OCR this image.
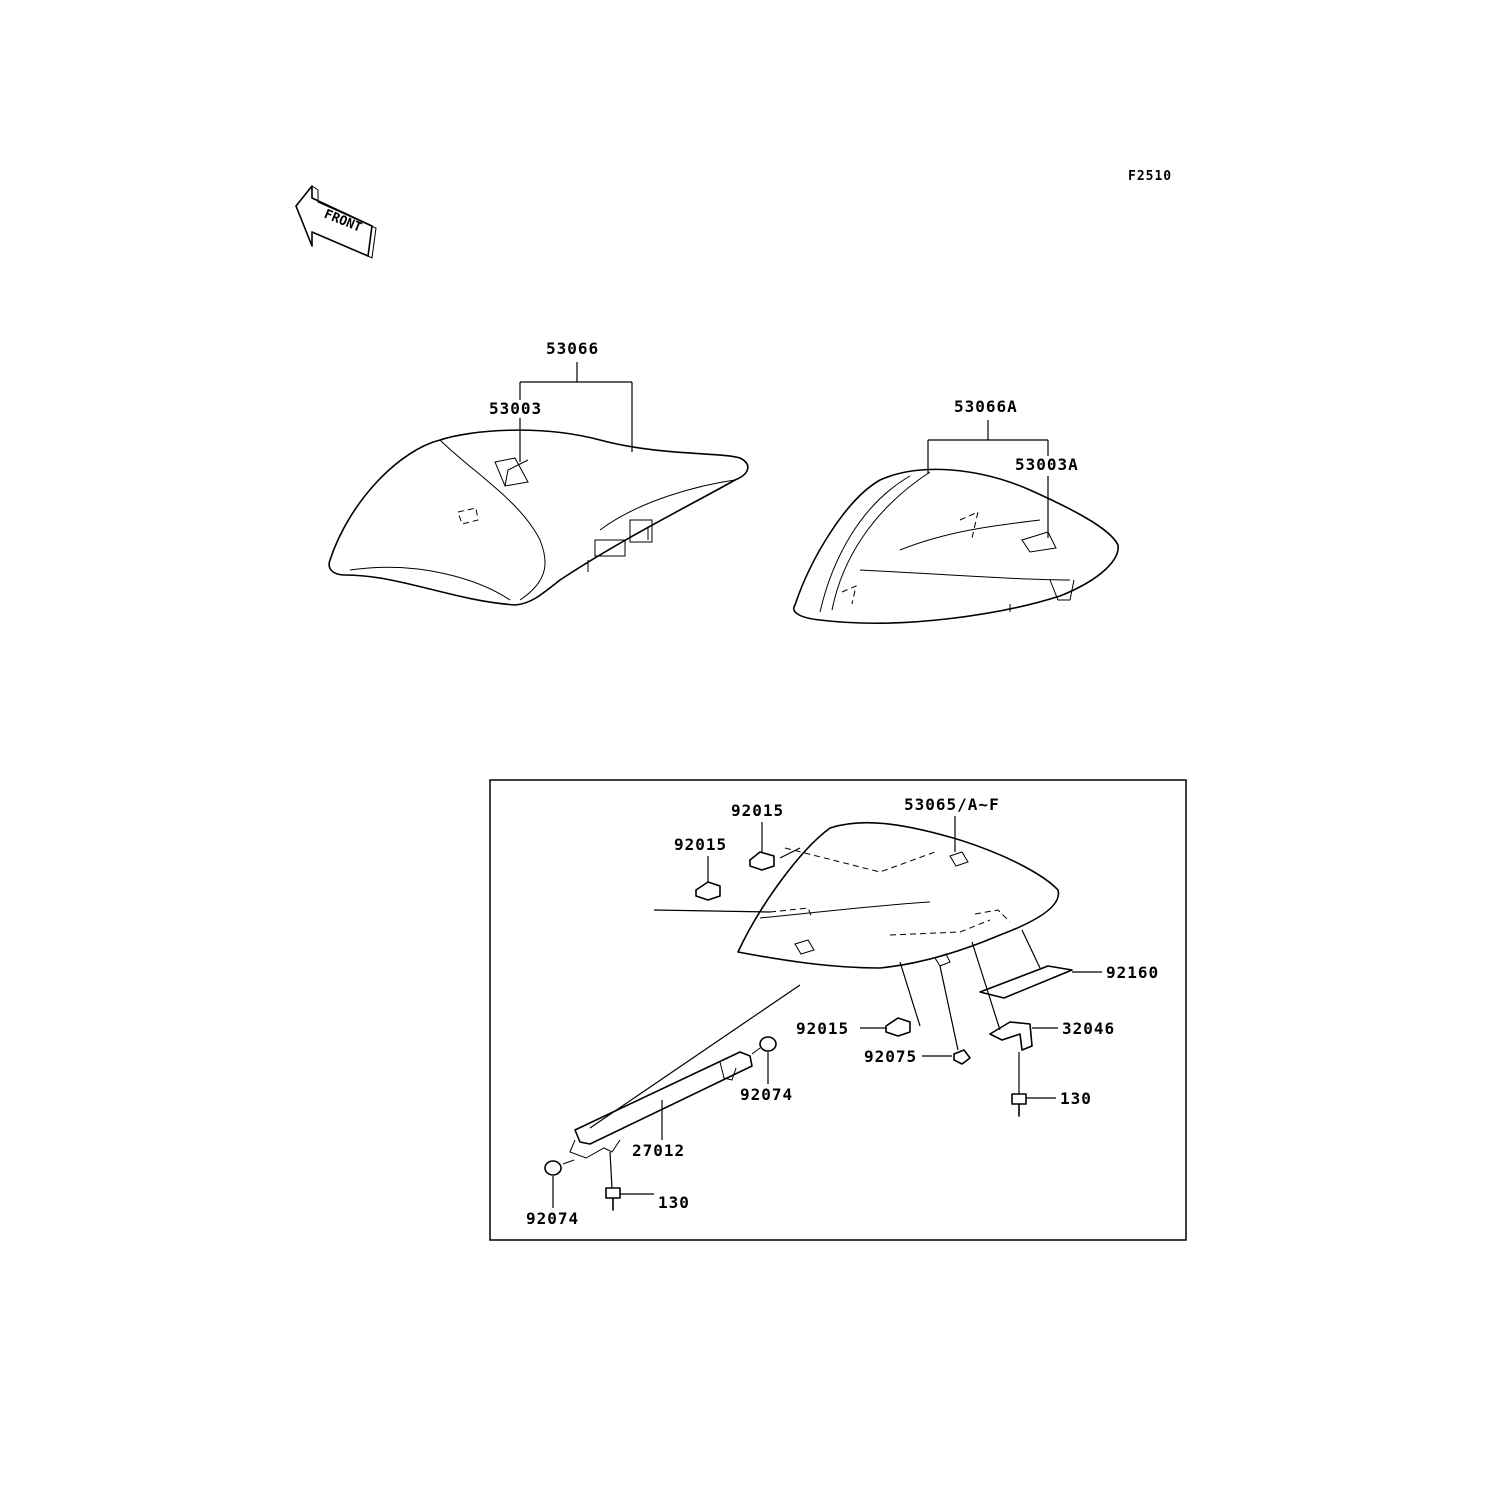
F2510
FRONT
53066
53003	53066A
53003A
53065/A~F
92015
92015
92015
92160
32046
92075
130
92074
27012
130
92074
